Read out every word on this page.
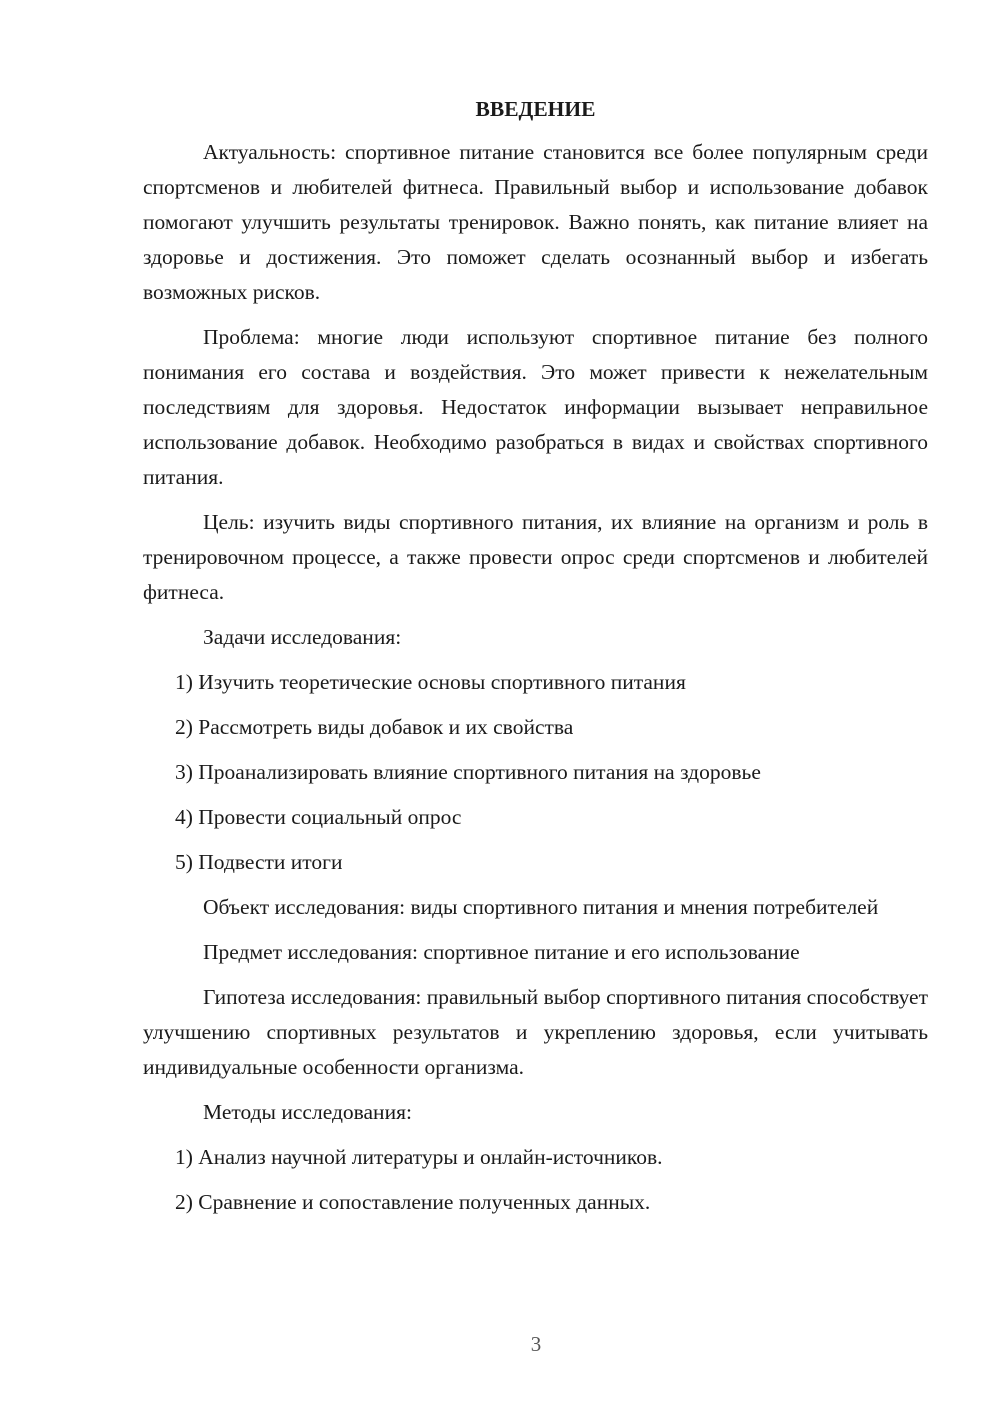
ВВЕДЕНИЕ

Актуальность: спортивное питание становится все более популярным среди спортсменов и любителей фитнеса. Правильный выбор и использование добавок помогают улучшить результаты тренировок. Важно понять, как питание влияет на здоровье и достижения. Это поможет сделать осознанный выбор и избегать возможных рисков.

Проблема: многие люди используют спортивное питание без полного понимания его состава и воздействия. Это может привести к нежелательным последствиям для здоровья. Недостаток информации вызывает неправильное использование добавок. Необходимо разобраться в видах и свойствах спортивного питания.

Цель: изучить виды спортивного питания, их влияние на организм и роль в тренировочном процессе, а также провести опрос среди спортсменов и любителей фитнеса.

Задачи исследования:

1) Изучить теоретические основы спортивного питания

2) Рассмотреть виды добавок и их свойства

3) Проанализировать влияние спортивного питания на здоровье

4) Провести социальный опрос

5) Подвести итоги

Объект исследования: виды спортивного питания и мнения потребителей

Предмет исследования: спортивное питание и его использование

Гипотеза исследования: правильный выбор спортивного питания способствует улучшению спортивных результатов и укреплению здоровья, если учитывать индивидуальные особенности организма.

Методы исследования:

1) Анализ научной литературы и онлайн-источников.

2) Сравнение и сопоставление полученных данных.

3
